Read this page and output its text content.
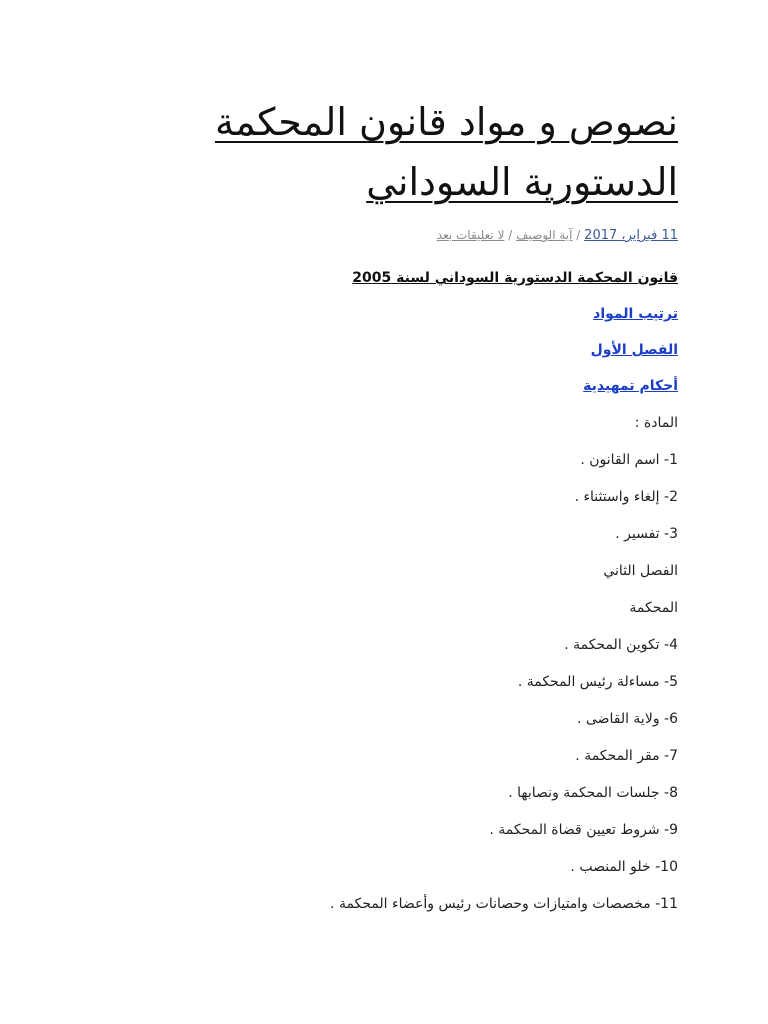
نصوص و مواد قانون المحكمة الدستورية السوداني
11 فبراير، 2017 / آية الوصيف / لا تعليقات بعد
قانون المحكمة الدستورية السوداني لسنة 2005
ترتيب المواد
الفصل الأول
أحكام تمهيدية
المادة :
1- اسم القانون .
2- إلغاء واستثناء .
3- تفسير .
الفصل الثاني
المحكمة
4- تكوين المحكمة .
5- مساءلة رئيس المحكمة .
6- ولاية القاضى .
7- مقر المحكمة .
8- جلسات المحكمة ونصابها .
9- شروط تعيين قضاة المحكمة .
10- خلو المنصب .
11- مخصصات وامتيازات وحصانات رئيس وأعضاء المحكمة .
